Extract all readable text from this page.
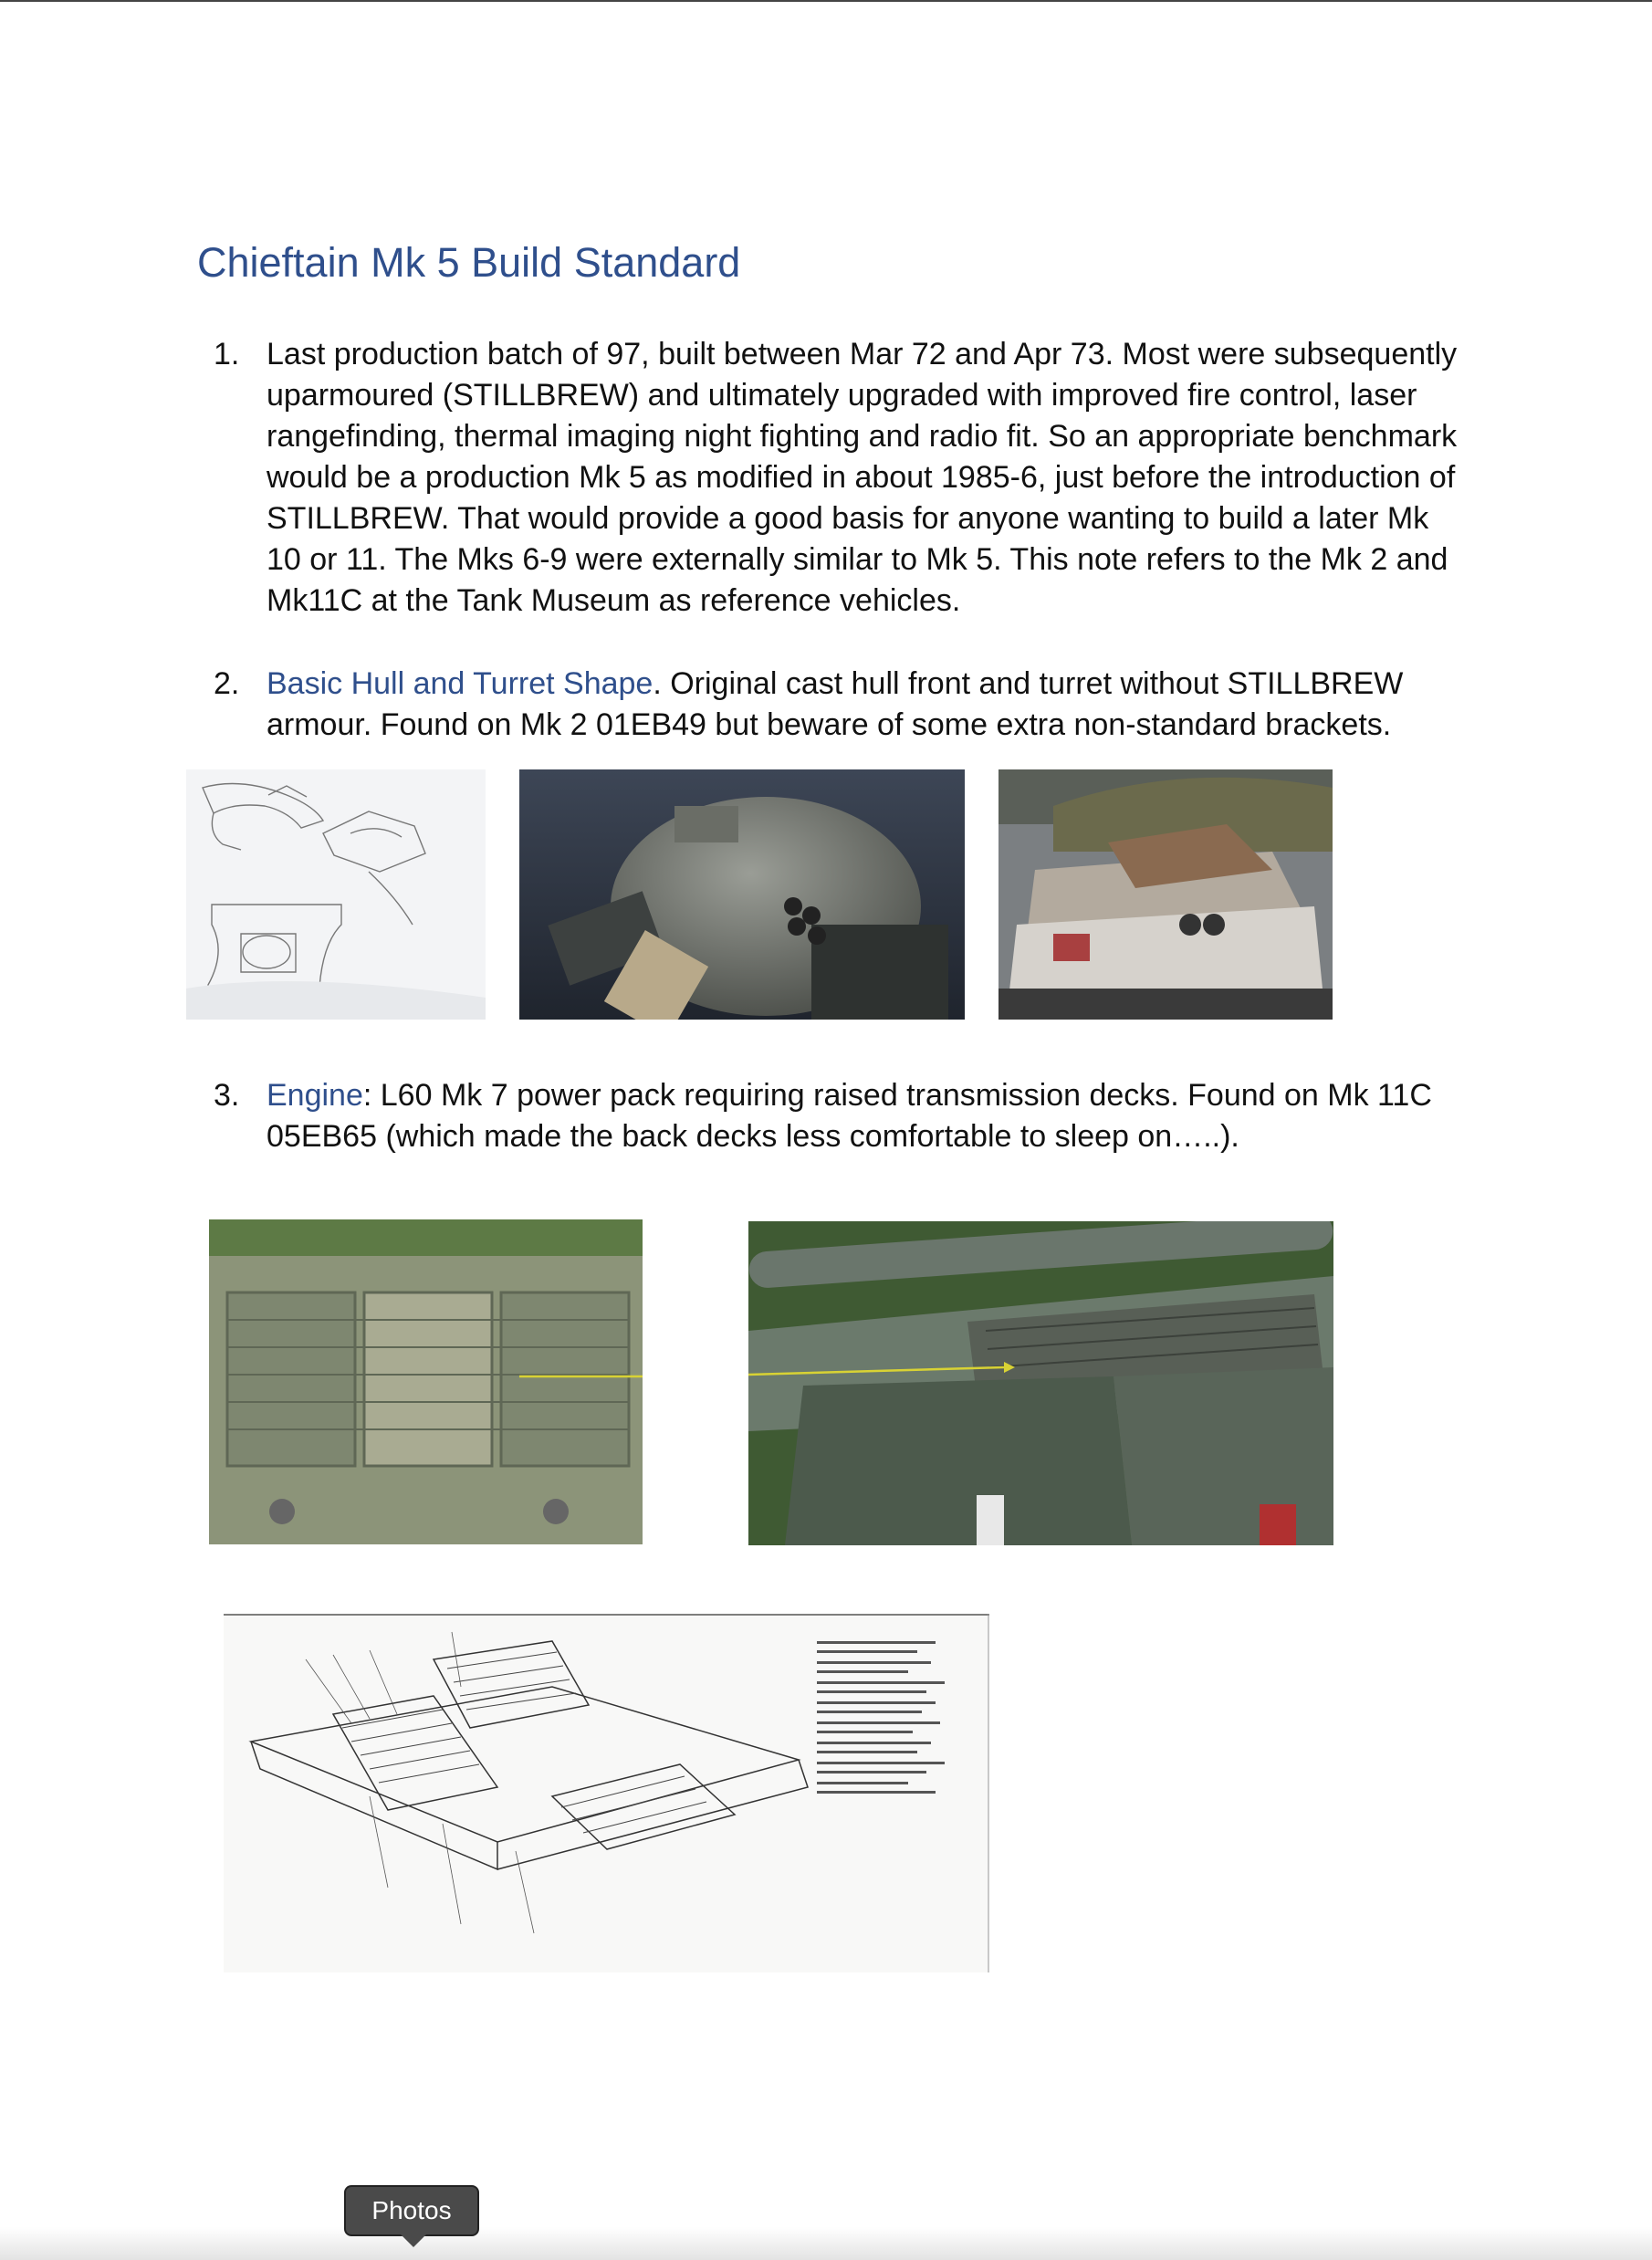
Chieftain Mk 5 Build Standard
1. Last production batch of 97, built between Mar 72 and Apr 73. Most were subsequently uparmoured (STILLBREW) and ultimately upgraded with improved fire control, laser rangefinding, thermal imaging night fighting and radio fit. So an appropriate benchmark would be a production Mk 5 as modified in about 1985-6, just before the introduction of STILLBREW. That would provide a good basis for anyone wanting to build a later Mk 10 or 11. The Mks 6-9 were externally similar to Mk 5. This note refers to the Mk 2 and Mk11C at the Tank Museum as reference vehicles.
2. Basic Hull and Turret Shape. Original cast hull front and turret without STILLBREW armour. Found on Mk 2 01EB49 but beware of some extra non-standard brackets.
3. Engine: L60 Mk 7 power pack requiring raised transmission decks. Found on Mk 11C 05EB65 (which made the back decks less comfortable to sleep on…..).
Photos
